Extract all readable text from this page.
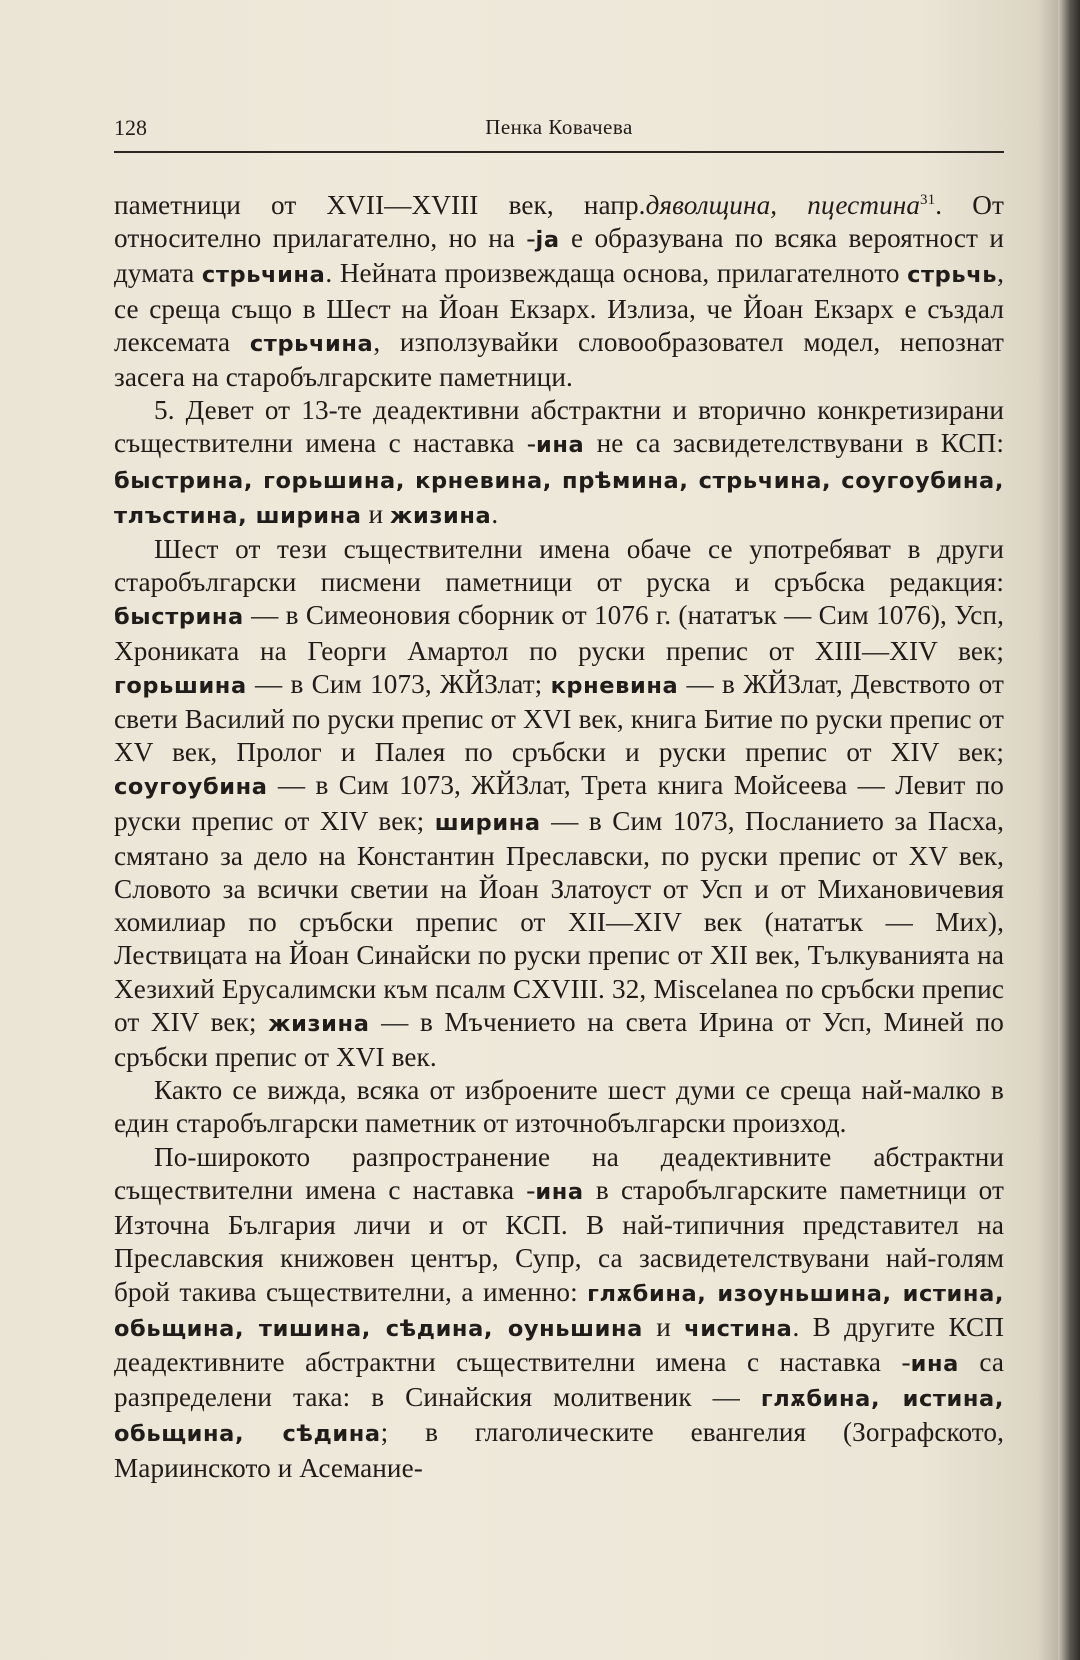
128	Пенка Ковачева

паметници от XVII—XVIII век, напр.дяволщина, пцестина$^{31}$. От относително прилагателно, но на -ја е образувана по всяка вероятност и думата стрьчина. Нейната произвеждаща основа, прилагателното стрьчь, се среща също в Шест на Йоан Екзарх. Излиза, че Йоан Екзарх е създал лексемата стрьчина, използувайки словообразовател модел, непознат засега на старобългарските паметници.

5. Девет от 13-те деадективни абстрактни и вторично конкретизирани съществителни имена с наставка -ина не са засвидетелствувани в КСП: быстрина, горьшина, крневина, прѣмина, стрьчина, соугоубина, тлъстина, ширина и жизина.

Шест от тези съществителни имена обаче се употребяват в други старобългарски писмени паметници от руска и сръбска редакция: быстрина — в Симеоновия сборник от 1076 г. (нататък — Сим 1076), Усп, Хрониката на Георги Амартол по руски препис от XIII—XIV век; горьшина — в Сим 1073, ЖЙЗлат; крневина — в ЖЙЗлат, Девството от свети Василий по руски препис от XVI век, книга Битие по руски препис от XV век, Пролог и Палея по сръбски и руски препис от XIV век; соугоубина — в Сим 1073, ЖЙЗлат, Трета книга Мойсеева — Левит по руски препис от XIV век; ширина — в Сим 1073, Посланието за Пасха, смятано за дело на Константин Преславски, по руски препис от XV век, Словото за всички светии на Йоан Златоуст от Усп и от Михановичевия хомилиар по сръбски препис от XII—XIV век (нататък — Мих), Лествицата на Йоан Синайски по руски препис от XII век, Тълкуванията на Хезихий Ерусалимски към псалм CXVIII. 32, Miscelanea по сръбски препис от XIV век; жизина — в Мъчението на света Ирина от Усп, Миней по сръбски препис от XVI век.

Както се вижда, всяка от изброените шест думи се среща най-малко в един старобългарски паметник от източнобългарски произход.

По-широкото разпространение на деадективните абстрактни съществителни имена с наставка -ина в старобългарските паметници от Източна България личи и от КСП. В най-типичния представител на Преславския книжовен център, Супр, са засвидетелствувани най-голям брой такива съществителни, а именно: глѫбина, изоуньшина, истина, обьщина, тишина, сѣдина, оуньшина и чистина. В другите КСП деадективните абстрактни съществителни имена с наставка -ина са разпределени така: в Синайския молитвеник — глѫбина, истина, обьщина, сѣдина; в глаголическите евангелия (Зографското, Мариинското и Асеманиe-
